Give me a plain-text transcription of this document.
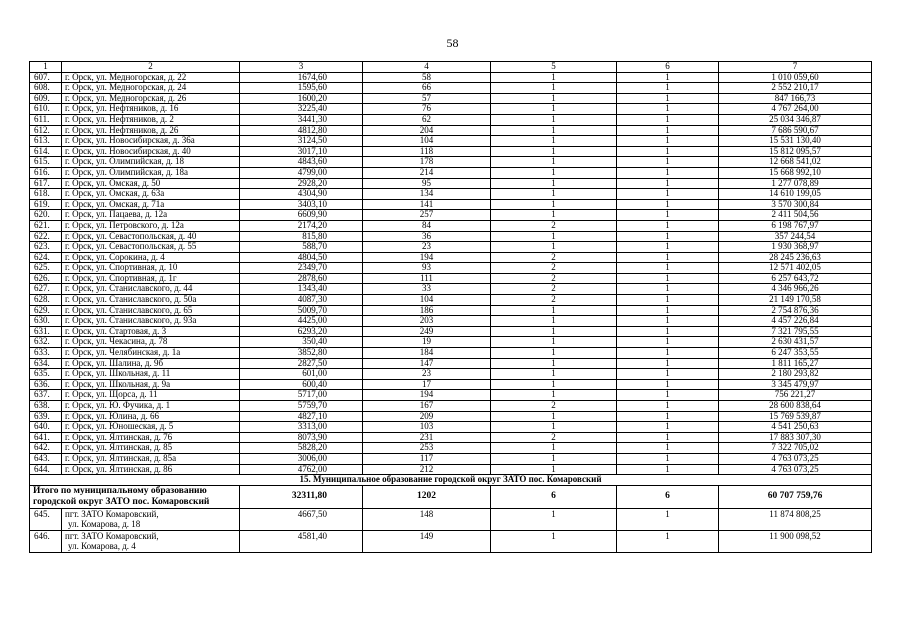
58
1	2	3	4	5	6	7
607.	г. Орск, ул. Медногорская, д. 22	1674,60	58	1	1	1 010 059,60
608.	г. Орск, ул. Медногорская, д. 24	1595,60	66	1	1	2 552 210,17
609.	г. Орск, ул. Медногорская, д. 26	1600,20	57	1	1	847 166,73
610.	г. Орск, ул. Нефтяников, д. 16	3225,40	76	1	1	4 767 264,00
611.	г. Орск, ул. Нефтяников, д. 2	3441,30	62	1	1	25 034 346,87
612.	г. Орск, ул. Нефтяников, д. 26	4812,80	204	1	1	7 686 590,67
613.	г. Орск, ул. Новосибирская, д. 36а	3124,50	104	1	1	15 531 130,40
614.	г. Орск, ул. Новосибирская, д. 40	3017,10	118	1	1	15 812 095,57
615.	г. Орск, ул. Олимпийская, д. 18	4843,60	178	1	1	12 668 541,02
616.	г. Орск, ул. Олимпийская, д. 18а	4799,00	214	1	1	15 668 992,10
617.	г. Орск, ул. Омская, д. 50	2928,20	95	1	1	1 277 078,89
618.	г. Орск, ул. Омская, д. 63а	4304,90	134	1	1	14 610 199,05
619.	г. Орск, ул. Омская, д. 71а	3403,10	141	1	1	3 570 300,84
620.	г. Орск, ул. Пацаева, д. 12а	6609,90	257	1	1	2 411 504,56
621.	г. Орск, ул. Петровского, д. 12а	2174,20	84	2	1	6 198 767,97
622.	г. Орск, ул. Севастопольская, д. 40	815,80	36	1	1	357 244,54
623.	г. Орск, ул. Севастопольская, д. 55	588,70	23	1	1	1 930 368,97
624.	г. Орск, ул. Сорокина, д. 4	4804,50	194	2	1	28 245 236,63
625.	г. Орск, ул. Спортивная, д. 10	2349,70	93	2	1	12 571 402,05
626.	г. Орск, ул. Спортивная, д. 1г	2878,60	111	2	1	6 257 643,72
627.	г. Орск, ул. Станиславского, д. 44	1343,40	33	2	1	4 346 966,26
628.	г. Орск, ул. Станиславского, д. 50а	4087,30	104	2	1	21 149 170,58
629.	г. Орск, ул. Станиславского, д. 65	5009,70	186	1	1	2 754 876,36
630.	г. Орск, ул. Станиславского, д. 93а	4425,00	203	1	1	4 457 226,84
631.	г. Орск, ул. Стартовая, д. 3	6293,20	249	1	1	7 321 795,55
632.	г. Орск, ул. Чекасина, д. 78	350,40	19	1	1	2 630 431,57
633.	г. Орск, ул. Челябинская, д. 1а	3852,80	184	1	1	6 247 353,55
634.	г. Орск, ул. Шалина, д. 9б	2827,50	147	1	1	1 811 165,27
635.	г. Орск, ул. Школьная, д. 11	601,00	23	1	1	2 180 293,82
636.	г. Орск, ул. Школьная, д. 9а	600,40	17	1	1	3 345 479,97
637.	г. Орск, ул. Щорса, д. 11	5717,00	194	1	1	756 221,27
638.	г. Орск, ул. Ю. Фучика, д. 1	5759,70	167	2	1	28 600 838,64
639.	г. Орск, ул. Юлина, д. 66	4827,10	209	1	1	15 769 539,87
640.	г. Орск, ул. Юношеская, д. 5	3313,00	103	1	1	4 541 250,63
641.	г. Орск, ул. Ялтинская, д. 76	8073,90	231	2	1	17 883 307,30
642.	г. Орск, ул. Ялтинская, д. 85	5828,20	253	1	1	7 322 705,02
643.	г. Орск, ул. Ялтинская, д. 85а	3006,00	117	1	1	4 763 073,25
644.	г. Орск, ул. Ялтинская, д. 86	4762,00	212	1	1	4 763 073,25
15. Муниципальное образование городской округ ЗАТО пос. Комаровский						
Итого по муниципальному образованию городской округ ЗАТО пос. Комаровский		32311,80	1202	6	6	60 707 759,76
645.	пгт. ЗАТО Комаровский,
ул. Комарова, д. 18	4667,50	148	1	1	11 874 808,25
646.	пгт. ЗАТО Комаровский,
ул. Комарова, д. 4	4581,40	149	1	1	11 900 098,52
